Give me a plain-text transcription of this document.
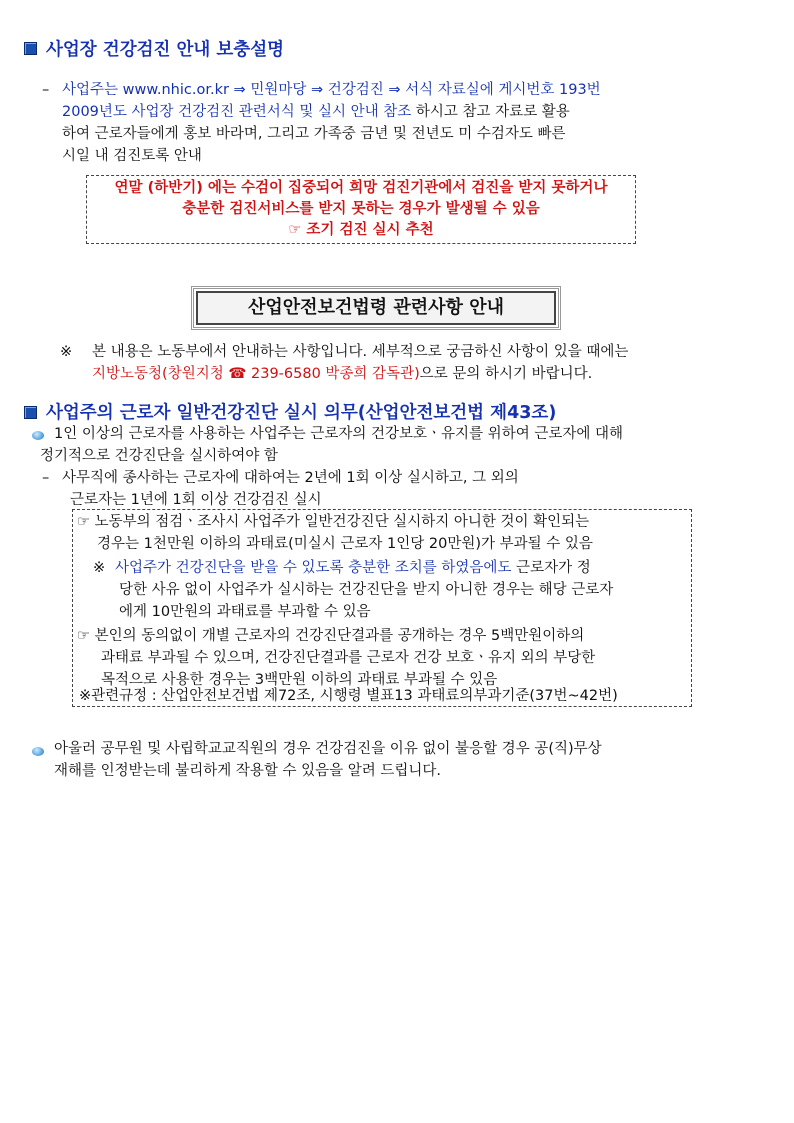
사업장 건강검진 안내 보충설명
– 사업주는 www.nhic.or.kr ⇒ 민원마당 ⇒ 건강검진 ⇒ 서식 자료실에 게시번호 193번
2009년도 사업장 건강검진 관련서식 및 실시 안내 참조 하시고 참고 자료로 활용
하여 근로자들에게 홍보 바라며, 그리고 가족중 금년 및 전년도 미 수검자도 빠른
시일 내 검진토록 안내
연말 (하반기) 에는 수검이 집중되어 희망 검진기관에서 검진을 받지 못하거나
충분한 검진서비스를 받지 못하는 경우가 발생될 수 있음
☞ 조기 검진 실시 추천
산업안전보건법령 관련사항 안내
※ 본 내용은 노동부에서 안내하는 사항입니다. 세부적으로 궁금하신 사항이 있을 때에는
지방노동청(창원지청 ☎ 239-6580 박종희 감독관)으로 문의 하시기 바랍니다.
사업주의 근로자 일반건강진단 실시 의무(산업안전보건법 제43조)
1인 이상의 근로자를 사용하는 사업주는 근로자의 건강보호ㆍ유지를 위하여 근로자에 대해
정기적으로 건강진단을 실시하여야 함
– 사무직에 종사하는 근로자에 대하여는 2년에 1회 이상 실시하고, 그 외의
근로자는 1년에 1회 이상 건강검진 실시
☞ 노동부의 점검ㆍ조사시 사업주가 일반건강진단 실시하지 아니한 것이 확인되는
경우는 1천만원 이하의 과태료(미실시 근로자 1인당 20만원)가 부과될 수 있음
※ 사업주가 건강진단을 받을 수 있도록 충분한 조치를 하였음에도 근로자가 정
당한 사유 없이 사업주가 실시하는 건강진단을 받지 아니한 경우는 해당 근로자
에게 10만원의 과태료를 부과할 수 있음
☞ 본인의 동의없이 개별 근로자의 건강진단결과를 공개하는 경우 5백만원이하의
과태료 부과될 수 있으며, 건강진단결과를 근로자 건강 보호ㆍ유지 외의 부당한
목적으로 사용한 경우는 3백만원 이하의 과태료 부과될 수 있음
※관련규정 : 산업안전보건법 제72조, 시행령 별표13 과태료의부과기준(37번~42번)
아울러 공무원 및 사립학교교직원의 경우 건강검진을 이유 없이 불응할 경우 공(직)무상
재해를 인정받는데 불리하게 작용할 수 있음을 알려 드립니다.
